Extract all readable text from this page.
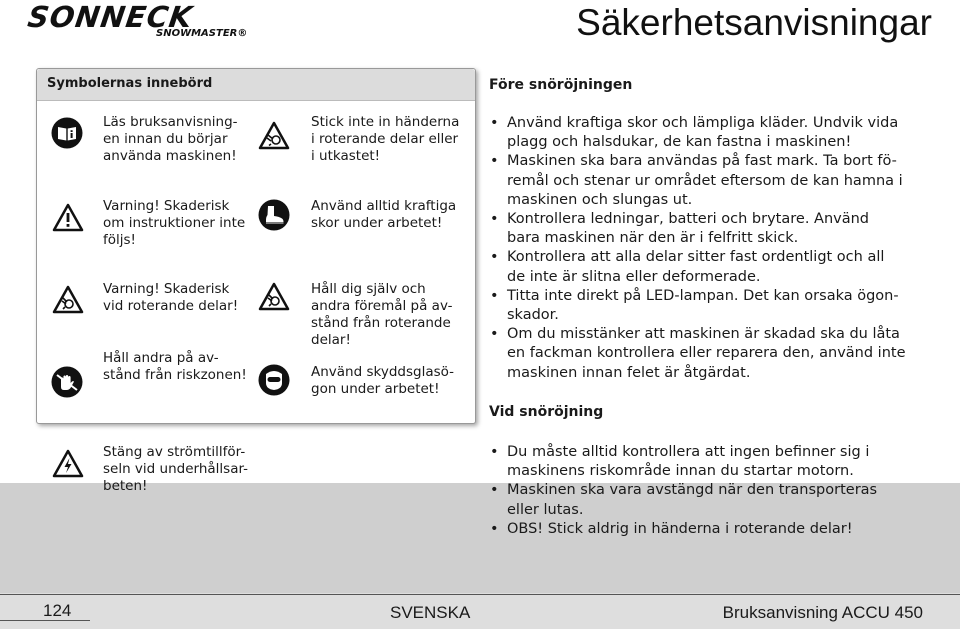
SONNECK
SNOWMASTER®	Säkerhetsanvisningar
Symbolernas innebörd
Läs bruksanvisning-
en innan du börjar
använda maskinen!
Varning! Skaderisk
om instruktioner inte
följs!
Varning! Skaderisk
vid roterande delar!
Håll andra på av-
stånd från riskzonen!
Stick inte in händerna
i roterande delar eller
i utkastet!
Använd alltid kraftiga
skor under arbetet!
Håll dig själv och
andra föremål på av-
stånd från roterande
delar!
Använd skyddsglasö-
gon under arbetet!
Stäng av strömtillför-
seln vid underhållsar-
beten!
Före snöröjningen
• Använd kraftiga skor och lämpliga kläder. Undvik vida
plagg och halsdukar, de kan fastna i maskinen!
• Maskinen ska bara användas på fast mark. Ta bort fö-
remål och stenar ur området eftersom de kan hamna i
maskinen och slungas ut.
• Kontrollera ledningar, batteri och brytare. Använd
bara maskinen när den är i felfritt skick.
• Kontrollera att alla delar sitter fast ordentligt och all
de inte är slitna eller deformerade.
• Titta inte direkt på LED-lampan. Det kan orsaka ögon-
skador.
• Om du misstänker att maskinen är skadad ska du låta
en fackman kontrollera eller reparera den, använd inte
maskinen innan felet är åtgärdat.
Vid snöröjning
• Du måste alltid kontrollera att ingen befinner sig i
maskinens riskområde innan du startar motorn.
• Maskinen ska vara avstängd när den transporteras
eller lutas.
• OBS! Stick aldrig in händerna i roterande delar!
124	SVENSKA	Bruksanvisning ACCU 450
